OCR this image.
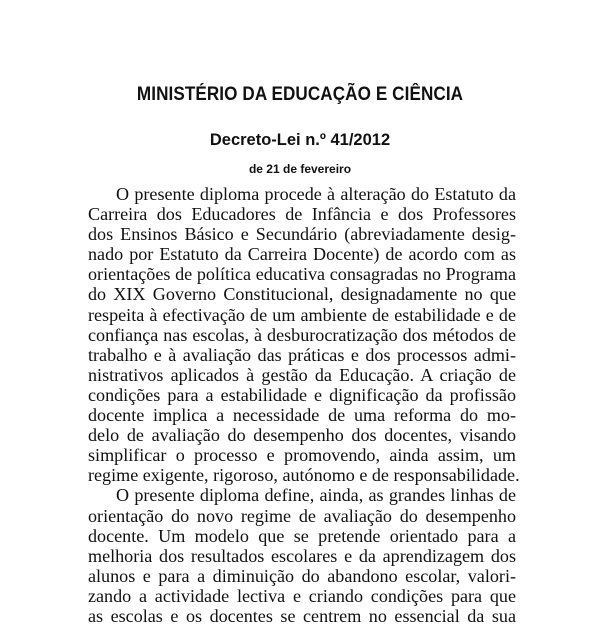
MINISTÉRIO DA EDUCAÇÃO E CIÊNCIA
Decreto-Lei n.º 41/2012
de 21 de fevereiro
O presente diploma procede à alteração do Estatuto da
Carreira dos Educadores de Infância e dos Professores
dos Ensinos Básico e Secundário (abreviadamente desig-
nado por Estatuto da Carreira Docente) de acordo com as
orientações de política educativa consagradas no Programa
do XIX Governo Constitucional, designadamente no que
respeita à efectivação de um ambiente de estabilidade e de
confiança nas escolas, à desburocratização dos métodos de
trabalho e à avaliação das práticas e dos processos admi-
nistrativos aplicados à gestão da Educação. A criação de
condições para a estabilidade e dignificação da profissão
docente implica a necessidade de uma reforma do mo-
delo de avaliação do desempenho dos docentes, visando
simplificar o processo e promovendo, ainda assim, um
regime exigente, rigoroso, autónomo e de responsabilidade.
O presente diploma define, ainda, as grandes linhas de
orientação do novo regime de avaliação do desempenho
docente. Um modelo que se pretende orientado para a
melhoria dos resultados escolares e da aprendizagem dos
alunos e para a diminuição do abandono escolar, valori-
zando a actividade lectiva e criando condições para que
as escolas e os docentes se centrem no essencial da sua
